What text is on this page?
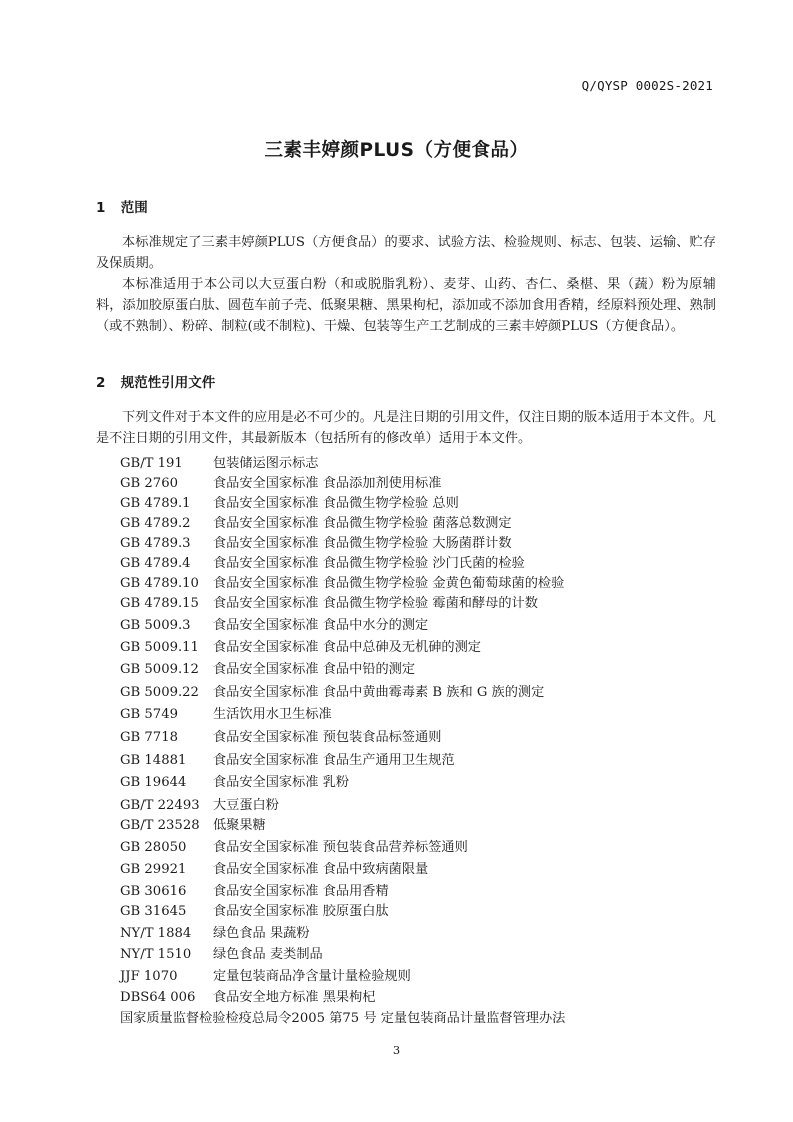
Q/QYSP 0002S-2021
三素丰婷颜PLUS（方便食品）
1 范围

本标准规定了三素丰婷颜PLUS（方便食品）的要求、试验方法、检验规则、标志、包装、运输、贮存及保质期。

本标准适用于本公司以大豆蛋白粉（和或脱脂乳粉）、麦芽、山药、杏仁、桑椹、果（蔬）粉为原辅料，添加胶原蛋白肽、圆苞车前子壳、低聚果糖、黑果枸杞，添加或不添加食用香精，经原料预处理、熟制（或不熟制）、粉碎、制粒(或不制粒)、干燥、包装等生产工艺制成的三素丰婷颜PLUS（方便食品）。

2 规范性引用文件

下列文件对于本文件的应用是必不可少的。凡是注日期的引用文件，仅注日期的版本适用于本文件。凡是不注日期的引用文件，其最新版本（包括所有的修改单）适用于本文件。

GB/T 191 包装储运图示标志
GB 2760	食品安全国家标准 食品添加剂使用标准
GB 4789.1 食品安全国家标准 食品微生物学检验 总则
GB 4789.2 食品安全国家标准 食品微生物学检验 菌落总数测定
GB 4789.3 食品安全国家标准 食品微生物学检验 大肠菌群计数
GB 4789.4 食品安全国家标准 食品微生物学检验 沙门氏菌的检验
GB 4789.10 食品安全国家标准 食品微生物学检验 金黄色葡萄球菌的检验
GB 4789.15 食品安全国家标准 食品微生物学检验 霉菌和酵母的计数
GB 5009.3 食品安全国家标准 食品中水分的测定
GB 5009.11 食品安全国家标准 食品中总砷及无机砷的测定
GB 5009.12 食品安全国家标准 食品中铅的测定
GB 5009.22 食品安全国家标准 食品中黄曲霉毒素 B 族和 G 族的测定
GB 5749	生活饮用水卫生标准
GB 7718	食品安全国家标准 预包装食品标签通则
GB 14881 食品安全国家标准 食品生产通用卫生规范
GB 19644 食品安全国家标准 乳粉
GB/T 22493 大豆蛋白粉
GB/T 23528 低聚果糖
GB 28050 食品安全国家标准 预包装食品营养标签通则
GB 29921 食品安全国家标准 食品中致病菌限量
GB 30616 食品安全国家标准 食品用香精
GB 31645 食品安全国家标准 胶原蛋白肽
NY/T 1884 绿色食品 果蔬粉
NY/T 1510 绿色食品 麦类制品
JJF 1070	定量包装商品净含量计量检验规则
DBS64 006 食品安全地方标准 黑果枸杞
国家质量监督检验检疫总局令2005 第75 号 定量包装商品计量监督管理办法
3
